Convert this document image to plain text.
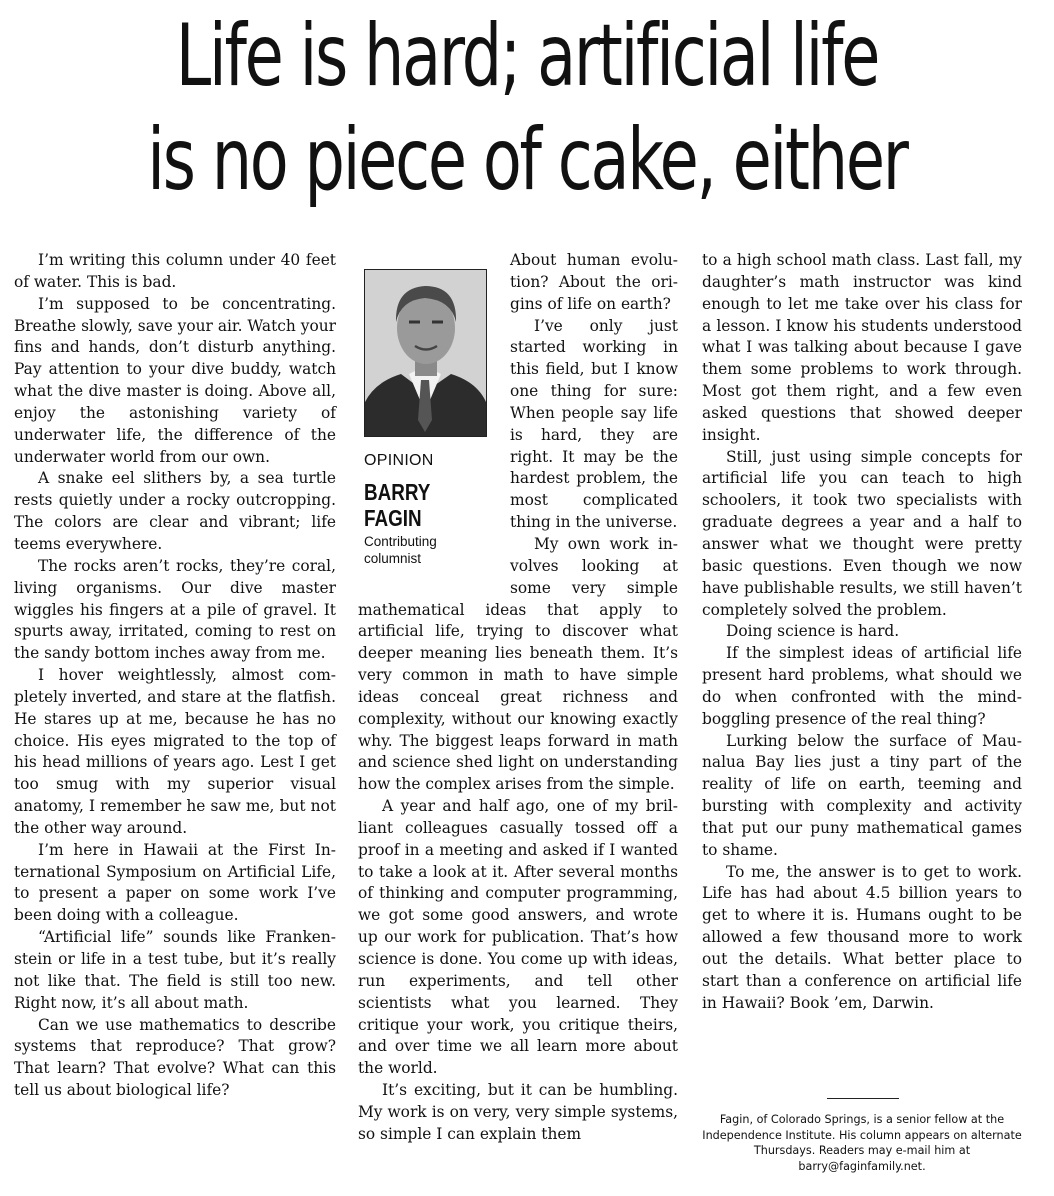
Life is hard; artificial life
is no piece of cake, either

I’m writing this column under 40 feet of water. This is bad.

I’m supposed to be concentrating. Breathe slowly, save your air. Watch your fins and hands, don’t disturb anything. Pay attention to your dive buddy, watch what the dive master is doing. Above all, enjoy the astonishing variety of underwater life, the difference of the underwater world from our own.

A snake eel slithers by, a sea turtle rests quietly under a rocky outcropping. The colors are clear and vibrant; life teems everywhere.

The rocks aren’t rocks, they’re coral, living organisms. Our dive master wiggles his fingers at a pile of gravel. It spurts away, irritated, coming to rest on the sandy bottom inches away from me.

I hover weightlessly, almost completely inverted, and stare at the flatfish. He stares up at me, because he has no choice. His eyes migrated to the top of his head millions of years ago. Lest I get too smug with my superior visual anatomy, I remember he saw me, but not the other way around.

I’m here in Hawaii at the First International Symposium on Artificial Life, to present a paper on some work I’ve been doing with a colleague.

“Artificial life” sounds like Frankenstein or life in a test tube, but it’s really not like that. The field is still too new. Right now, it’s all about math.

Can we use mathematics to describe systems that reproduce? That grow? That learn? That evolve? What can this tell us about biological life?

OPINION
BARRY
FAGIN
Contributing
columnist

About human evolution? About the origins of life on earth?

I’ve only just started working in this field, but I know one thing for sure: When people say life is hard, they are right. It may be the hardest problem, the most complicated thing in the universe.

My own work involves looking at some very simple mathematical ideas that apply to artificial life, trying to discover what deeper meaning lies beneath them. It’s very common in math to have simple ideas conceal great richness and complexity, without our knowing exactly why. The biggest leaps forward in math and science shed light on understanding how the complex arises from the simple.

A year and half ago, one of my brilliant colleagues casually tossed off a proof in a meeting and asked if I wanted to take a look at it. After several months of thinking and computer programming, we got some good answers, and wrote up our work for publication. That’s how science is done. You come up with ideas, run experiments, and tell other scientists what you learned. They critique your work, you critique theirs, and over time we all learn more about the world.

It’s exciting, but it can be humbling. My work is on very, very simple systems, so simple I can explain them

to a high school math class. Last fall, my daughter’s math instructor was kind enough to let me take over his class for a lesson. I know his students understood what I was talking about because I gave them some problems to work through. Most got them right, and a few even asked questions that showed deeper insight.

Still, just using simple concepts for artificial life you can teach to high schoolers, it took two specialists with graduate degrees a year and a half to answer what we thought were pretty basic questions. Even though we now have publishable results, we still haven’t completely solved the problem.

Doing science is hard.

If the simplest ideas of artificial life present hard problems, what should we do when confronted with the mind-boggling presence of the real thing?

Lurking below the surface of Maunalua Bay lies just a tiny part of the reality of life on earth, teeming and bursting with complexity and activity that put our puny mathematical games to shame.

To me, the answer is to get to work. Life has had about 4.5 billion years to get to where it is. Humans ought to be allowed a few thousand more to work out the details. What better place to start than a conference on artificial life in Hawaii? Book ’em, Darwin.

Fagin, of Colorado Springs, is a senior fellow at the Independence Institute. His column appears on alternate Thursdays. Readers may e-mail him at barry@faginfamily.net.
